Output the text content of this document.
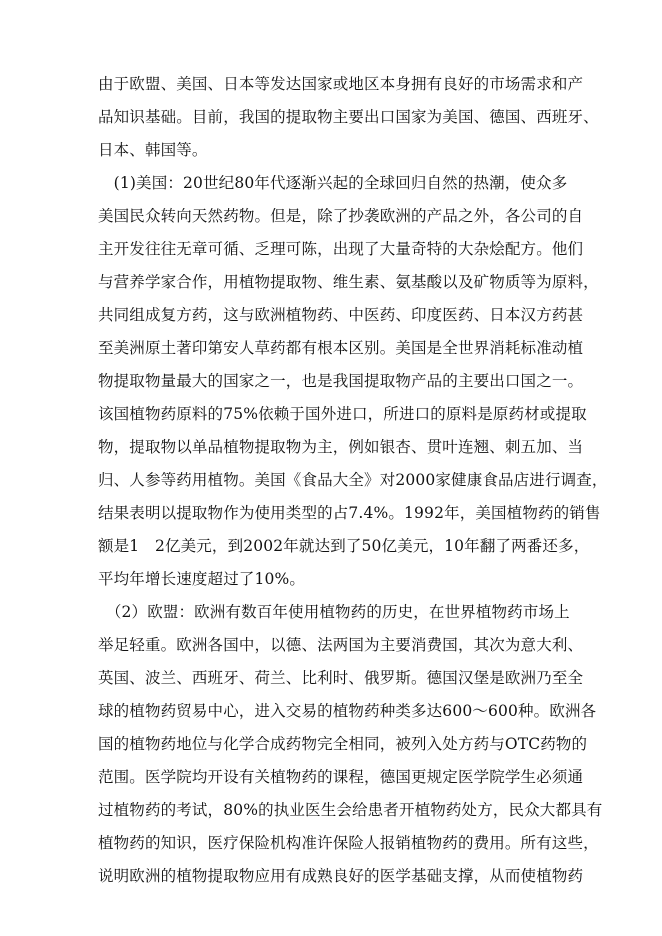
由于欧盟、美国、日本等发达国家或地区本身拥有良好的市场需求和产
品知识基础。目前，我国的提取物主要出口国家为美国、德国、西班牙、
日本、韩国等。
　(1)美国：20世纪80年代逐渐兴起的全球回归自然的热潮，使众多
美国民众转向天然药物。但是，除了抄袭欧洲的产品之外，各公司的自
主开发往往无章可循、乏理可陈，出现了大量奇特的大杂烩配方。他们
与营养学家合作，用植物提取物、维生素、氨基酸以及矿物质等为原料，
共同组成复方药，这与欧洲植物药、中医药、印度医药、日本汉方药甚
至美洲原土著印第安人草药都有根本区别。美国是全世界消耗标准动植
物提取物量最大的国家之一，也是我国提取物产品的主要出口国之一。
该国植物药原料的75%依赖于国外进口，所进口的原料是原药材或提取
物，提取物以单品植物提取物为主，例如银杏、贯叶连翘、刺五加、当
归、人参等药用植物。美国《食品大全》对2000家健康食品店进行调查，
结果表明以提取物作为使用类型的占7.4%。1992年，美国植物药的销售
额是1　2亿美元，到2002年就达到了50亿美元，10年翻了两番还多，
平均年增长速度超过了10%。
　（2）欧盟：欧洲有数百年使用植物药的历史，在世界植物药市场上
举足轻重。欧洲各国中，以德、法两国为主要消费国，其次为意大利、
英国、波兰、西班牙、荷兰、比利时、俄罗斯。德国汉堡是欧洲乃至全
球的植物药贸易中心，进入交易的植物药种类多达600～600种。欧洲各
国的植物药地位与化学合成药物完全相同，被列入处方药与OTC药物的
范围。医学院均开设有关植物药的课程，德国更规定医学院学生必须通
过植物药的考试，80%的执业医生会给患者开植物药处方，民众大都具有
植物药的知识，医疗保险机构准许保险人报销植物药的费用。所有这些，
说明欧洲的植物提取物应用有成熟良好的医学基础支撑，从而使植物药
